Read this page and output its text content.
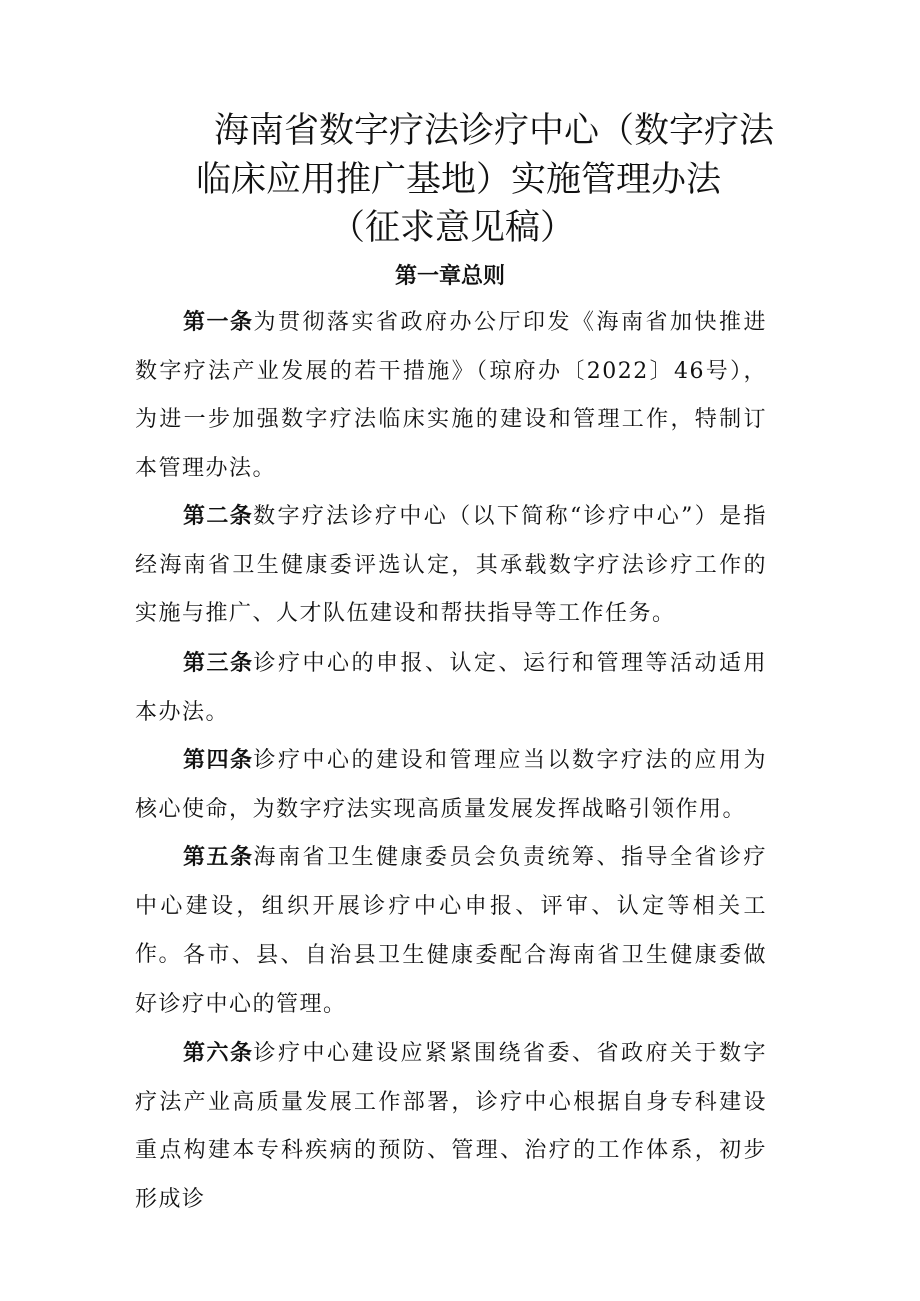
海南省数字疗法诊疗中心（数字疗法
临床应用推广基地）实施管理办法
（征求意见稿）
第一章总则

第一条为贯彻落实省政府办公厅印发《海南省加快推进数字疗法产业发展的若干措施》（琼府办〔2022〕46号），为进一步加强数字疗法临床实施的建设和管理工作，特制订本管理办法。

第二条数字疗法诊疗中心（以下简称“诊疗中心”）是指经海南省卫生健康委评选认定，其承载数字疗法诊疗工作的实施与推广、人才队伍建设和帮扶指导等工作任务。

第三条诊疗中心的申报、认定、运行和管理等活动适用本办法。

第四条诊疗中心的建设和管理应当以数字疗法的应用为核心使命，为数字疗法实现高质量发展发挥战略引领作用。

第五条海南省卫生健康委员会负责统筹、指导全省诊疗中心建设，组织开展诊疗中心申报、评审、认定等相关工作。 各市、县、自治县卫生健康委配合海南省卫生健康委做好诊疗中心的管理。

第六条诊疗中心建设应紧紧围绕省委、省政府关于数字疗法产业高质量发展工作部署，诊疗中心根据自身专科建设重点构建本专科疾病的预防、管理、治疗的工作体系，初步形成诊
